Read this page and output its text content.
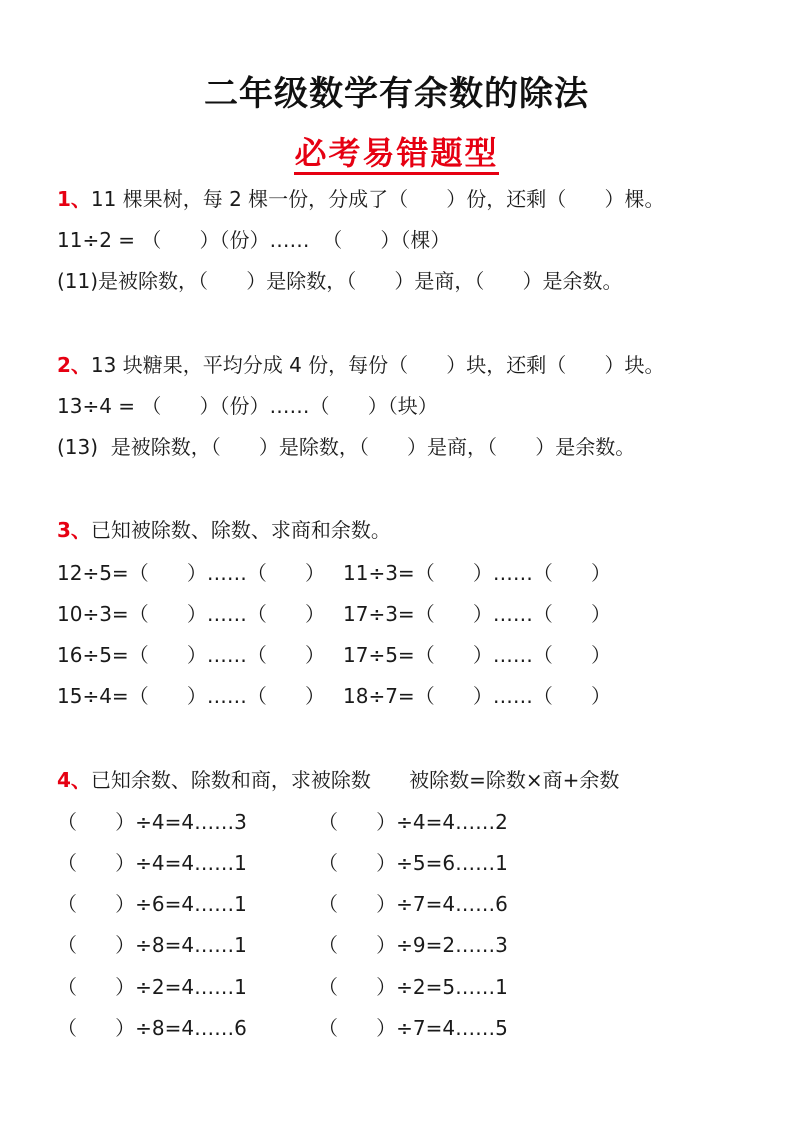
二年级数学有余数的除法
必考易错题型
1、11 棵果树，每 2 棵一份，分成了（      ）份，还剩（      ）棵。
11÷2 = （      ）（份）……  （      ）（棵）
(11)是被除数，（      ）是除数，（      ）是商，（      ）是余数。
2、13 块糖果，平均分成 4 份，每份（      ）块，还剩（      ）块。
13÷4 = （      ）（份）……（      ）（块）
(13)  是被除数，（      ）是除数，（      ）是商，（      ）是余数。
3、已知被除数、除数、求商和余数。
12÷5=（      ）……（      ）
10÷3=（      ）……（      ）
16÷5=（      ）……（      ）
15÷4=（      ）……（      ）
11÷3=（      ）……（      ）
17÷3=（      ）……（      ）
17÷5=（      ）……（      ）
18÷7=（      ）……（      ）
4、已知余数、除数和商，求被除数      被除数=除数×商+余数
（      ）÷4=4……3
（      ）÷4=4……1
（      ）÷6=4……1
（      ）÷8=4……1
（      ）÷2=4……1
（      ）÷8=4……6
（      ）÷4=4……2
（      ）÷5=6……1
（      ）÷7=4……6
（      ）÷9=2……3
（      ）÷2=5……1
（      ）÷7=4……5
